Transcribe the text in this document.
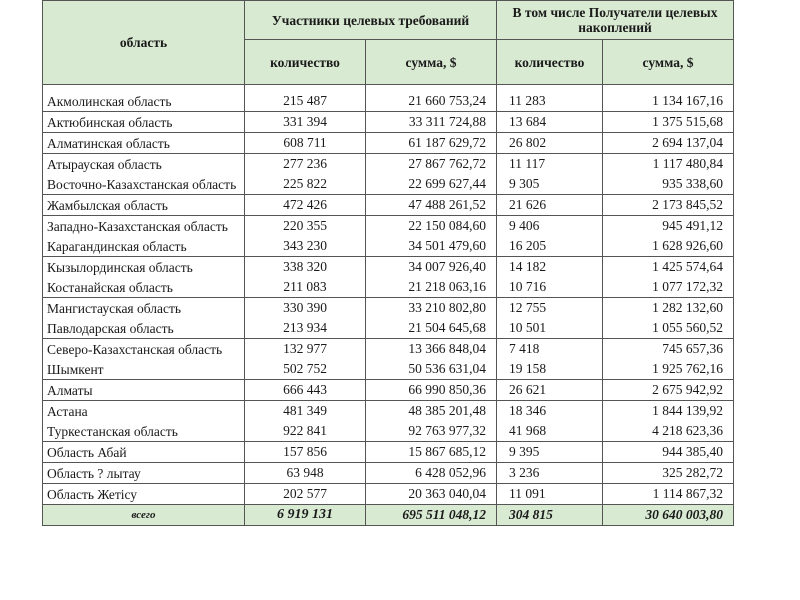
область	Участники целевых требований		В том числе Получатели целевых накоплений	
	количество	сумма, $	количество	сумма, $
Акмолинская область	215 487	21 660 753,24	11 283	1 134 167,16
Актюбинская область	331 394	33 311 724,88	13 684	1 375 515,68
Алматинская область	608 711	61 187 629,72	26 802	2 694 137,04
Атырауская область	277 236	27 867 762,72	11 117	1 117 480,84
Восточно-Казахстанская область	225 822	22 699 627,44	9 305	935 338,60
Жамбылская область	472 426	47 488 261,52	21 626	2 173 845,52
Западно-Казахстанская область	220 355	22 150 084,60	9 406	945 491,12
Карагандинская область	343 230	34 501 479,60	16 205	1 628 926,60
Кызылординская область	338 320	34 007 926,40	14 182	1 425 574,64
Костанайская область	211 083	21 218 063,16	10 716	1 077 172,32
Мангистауская область	330 390	33 210 802,80	12 755	1 282 132,60
Павлодарская область	213 934	21 504 645,68	10 501	1 055 560,52
Северо-Казахстанская область	132 977	13 366 848,04	7 418	745 657,36
Шымкент	502 752	50 536 631,04	19 158	1 925 762,16
Алматы	666 443	66 990 850,36	26 621	2 675 942,92
Астана	481 349	48 385 201,48	18 346	1 844 139,92
Туркестанская область	922 841	92 763 977,32	41 968	4 218 623,36
Область Абай	157 856	15 867 685,12	9 395	944 385,40
Область ? лытау	63 948	6 428 052,96	3 236	325 282,72
Область Жетісу	202 577	20 363 040,04	11 091	1 114 867,32
всего	6 919 131	695 511 048,12	304 815	30 640 003,80
